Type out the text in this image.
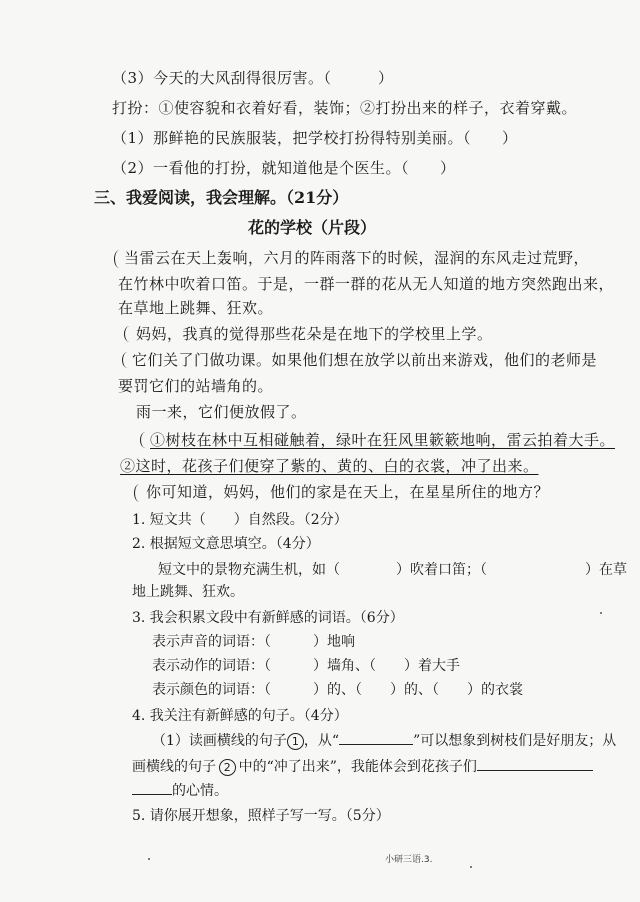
（3）今天的大风刮得很厉害。（　　　）
打扮：①使容貌和衣着好看，装饰；②打扮出来的样子，衣着穿戴。
（1）那鲜艳的民族服装，把学校打扮得特别美丽。（　　）
（2）一看他的打扮，就知道他是个医生。（　　）
三、我爱阅读，我会理解。（21分）
花的学校（片段）
当雷云在天上轰响，六月的阵雨落下的时候，湿润的东风走过荒野，
在竹林中吹着口笛。于是，一群一群的花从无人知道的地方突然跑出来，
在草地上跳舞、狂欢。
妈妈，我真的觉得那些花朵是在地下的学校里上学。
它们关了门做功课。如果他们想在放学以前出来游戏，他们的老师是
要罚它们的站墙角的。
雨一来，它们便放假了。
①树枝在林中互相碰触着，绿叶在狂风里簌簌地响，雷云拍着大手。
②这时，花孩子们便穿了紫的、黄的、白的衣裳，冲了出来。
你可知道，妈妈，他们的家是在天上，在星星所住的地方？
1. 短文共（　　）自然段。（2分）
2. 根据短文意思填空。（4分）
短文中的景物充满生机，如（　　　　）吹着口笛；（　　　　　　　）在草
地上跳舞、狂欢。
3. 我会积累文段中有新鲜感的词语。（6分）
表示声音的词语：（　　　）地响
表示动作的词语：（　　　）墙角、（　　）着大手
表示颜色的词语：（　　　）的、（　　）的、（　　）的衣裳
4. 我关注有新鲜感的句子。（4分）
（1）读画横线的句子 1 ，从“	”可以想象到树枝们是好朋友；从
画横线的句子  2  中的“冲了出来”，我能体会到花孩子们
的心情。
5. 请你展开想象，照样子写一写。（5分）
小研三语.3.
